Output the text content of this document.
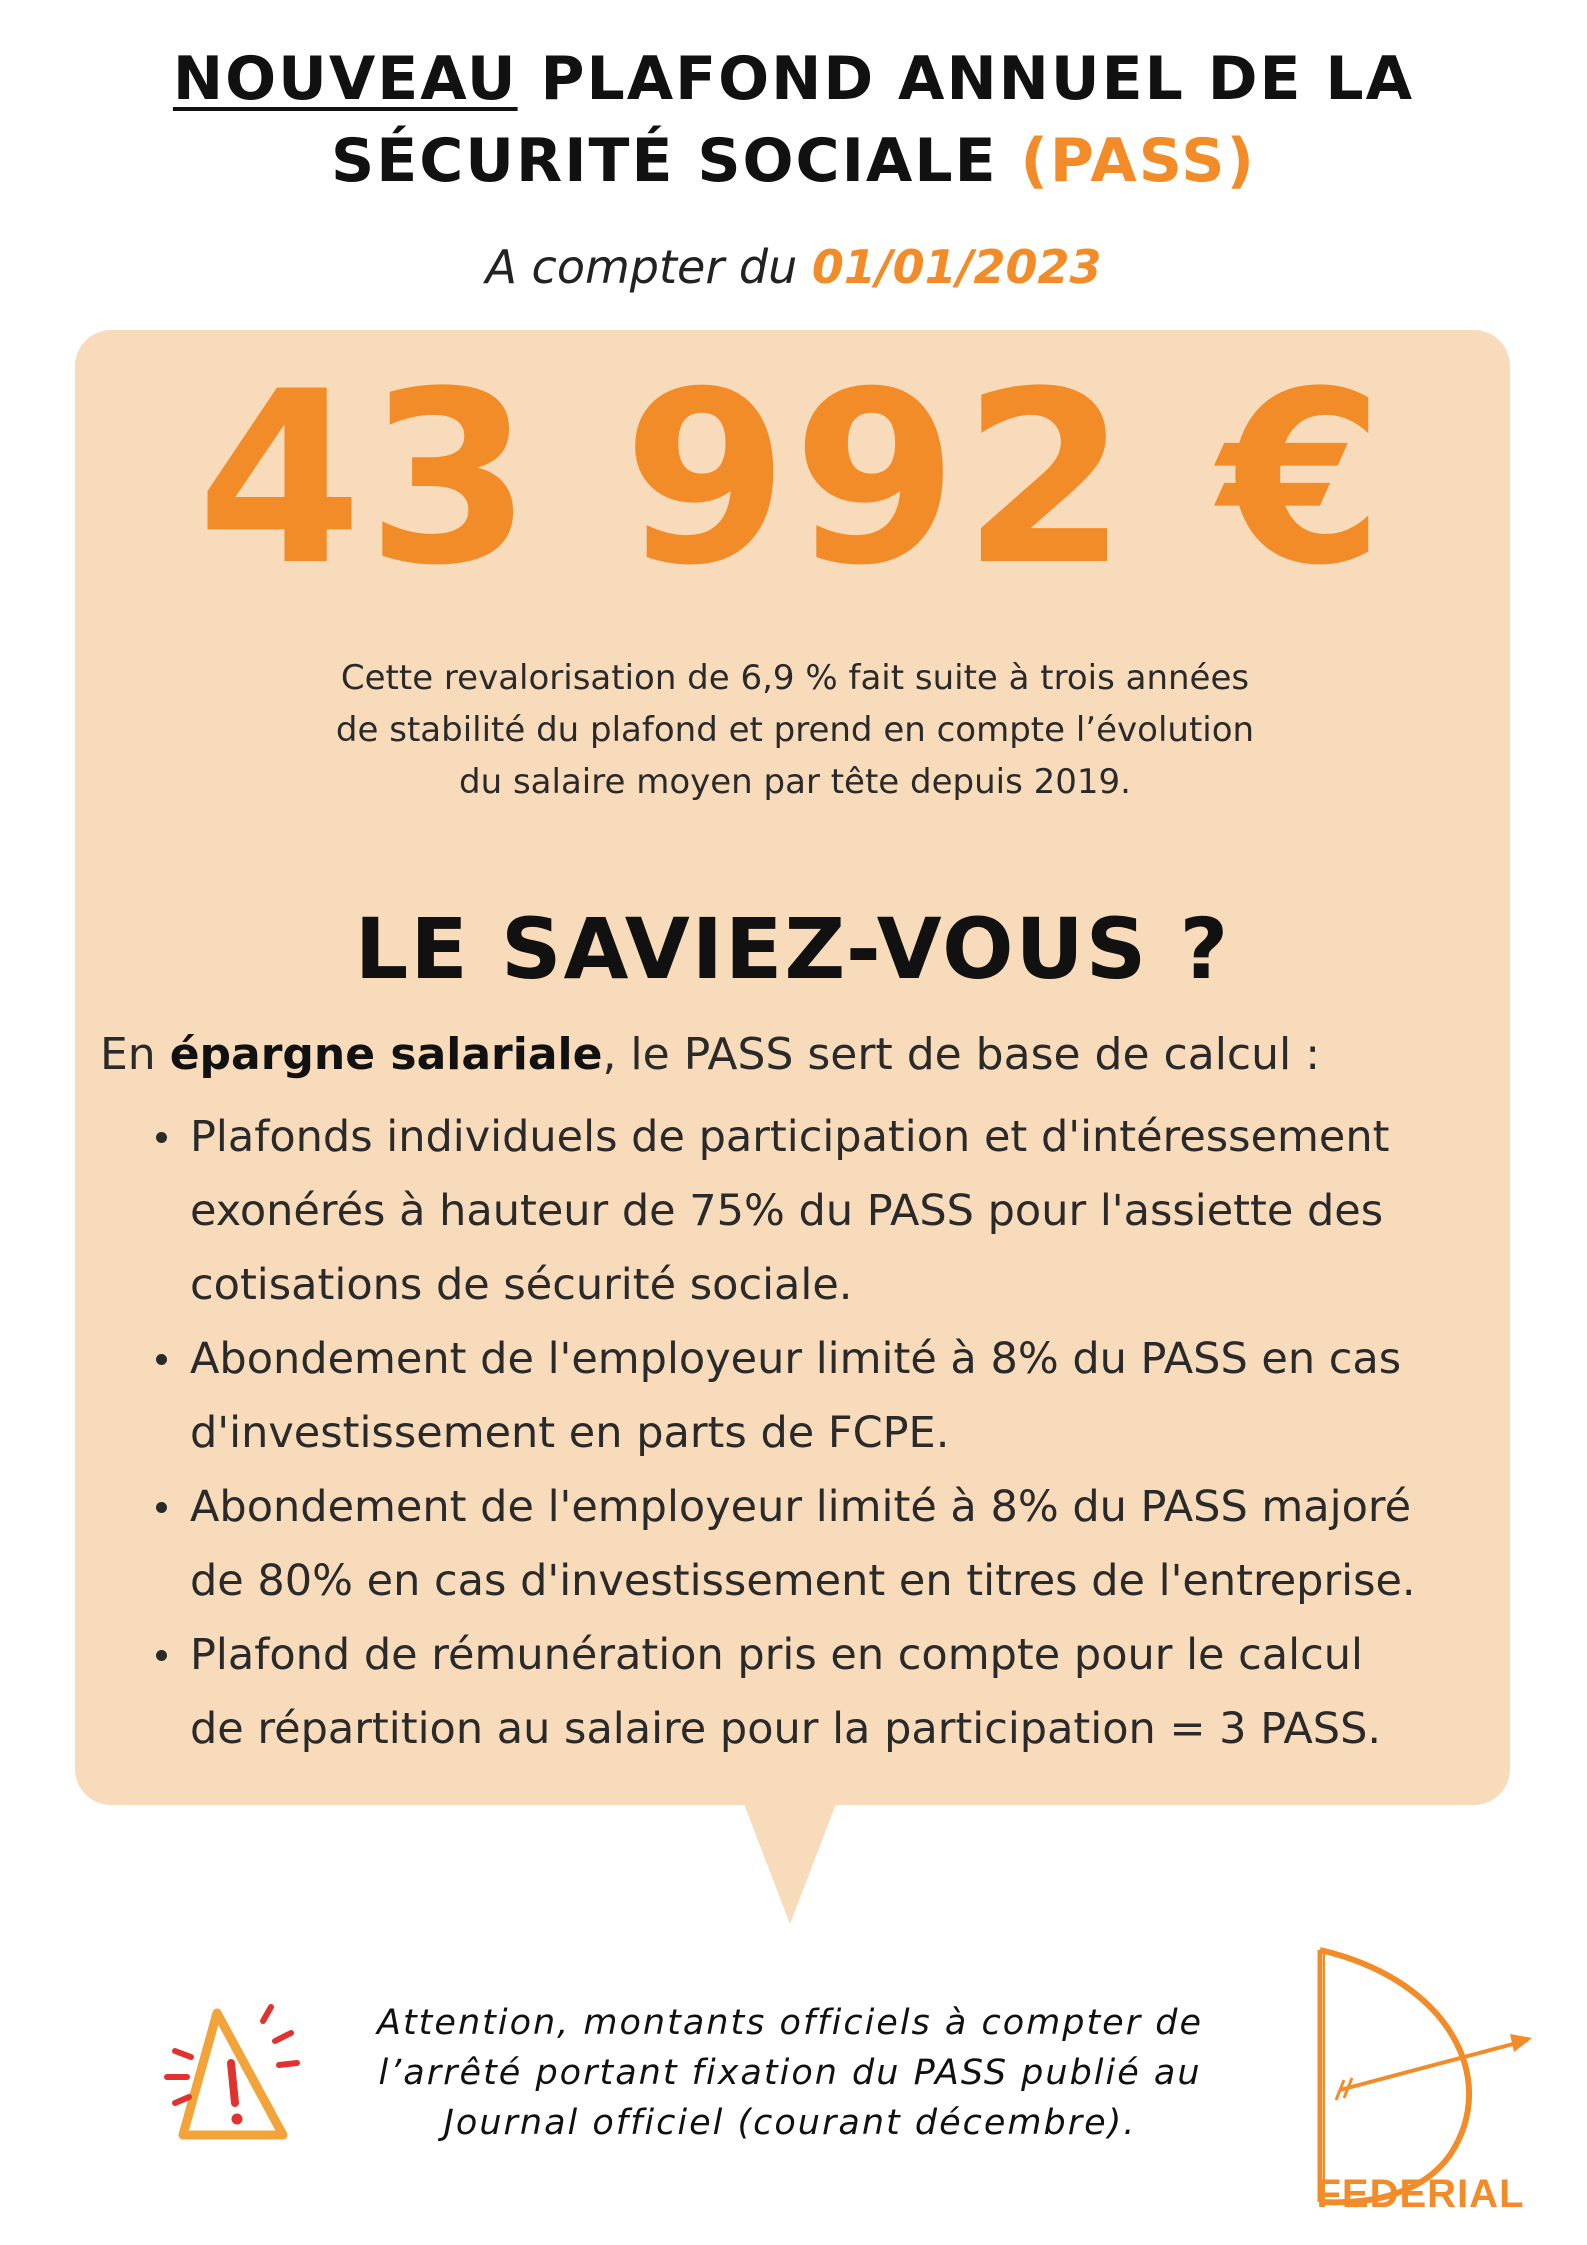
NOUVEAU PLAFOND ANNUEL DE LA
SÉCURITÉ SOCIALE (PASS)
A compter du 01/01/2023
43 992 €
Cette revalorisation de 6,9 % fait suite à trois années
de stabilité du plafond et prend en compte l’évolution
du salaire moyen par tête depuis 2019.
LE SAVIEZ-VOUS ?
En épargne salariale, le PASS sert de base de calcul :
Plafonds individuels de participation et d'intéressement
exonérés à hauteur de 75% du PASS pour l'assiette des
cotisations de sécurité sociale.
Abondement de l'employeur limité à 8% du PASS en cas
d'investissement en parts de FCPE.
Abondement de l'employeur limité à 8% du PASS majoré
de 80% en cas d'investissement en titres de l'entreprise.
Plafond de rémunération pris en compte pour le calcul
de répartition au salaire pour la participation = 3 PASS.
Attention, montants officiels à compter de
l’arrêté portant fixation du PASS publié au
Journal officiel (courant décembre).
FEDERIAL
